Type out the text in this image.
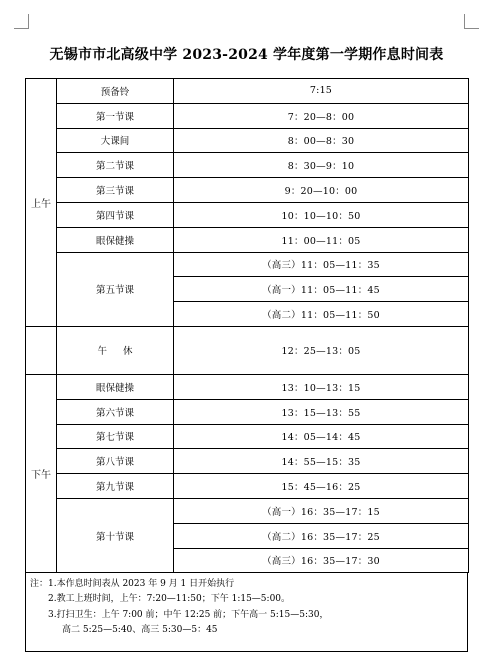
无锡市市北高级中学 2023-2024 学年度第一学期作息时间表
上午	预备铃	7:15
	第一节课	7：20—8：00
	大课间	8：00—8：30
	第二节课	8：30—9：10
	第三节课	9：20—10：00
	第四节课	10：10—10：50
	眼保健操	11：00—11：05
	第五节课	（高三）11：05—11：35
		（高一）11：05—11：45
		（高二）11：05—11：50
	午休	12：25—13：05
下午	眼保健操	13：10—13：15
	第六节课	13：15—13：55
	第七节课	14：05—14：45
	第八节课	14：55—15：35
	第九节课	15：45—16：25
	第十节课	（高一）16：35—17：15
		（高二）16：35—17：25
		（高三）16：35—17：30
注：1.本作息时间表从 2023 年 9 月 1 日开始执行
2.教工上班时间，上午：7:20—11:50；下午 1:15—5:00。
3.打扫卫生：上午 7:00 前；中午 12:25 前；下午高一 5:15—5:30，
高二 5:25—5:40、高三 5:30—5：45
